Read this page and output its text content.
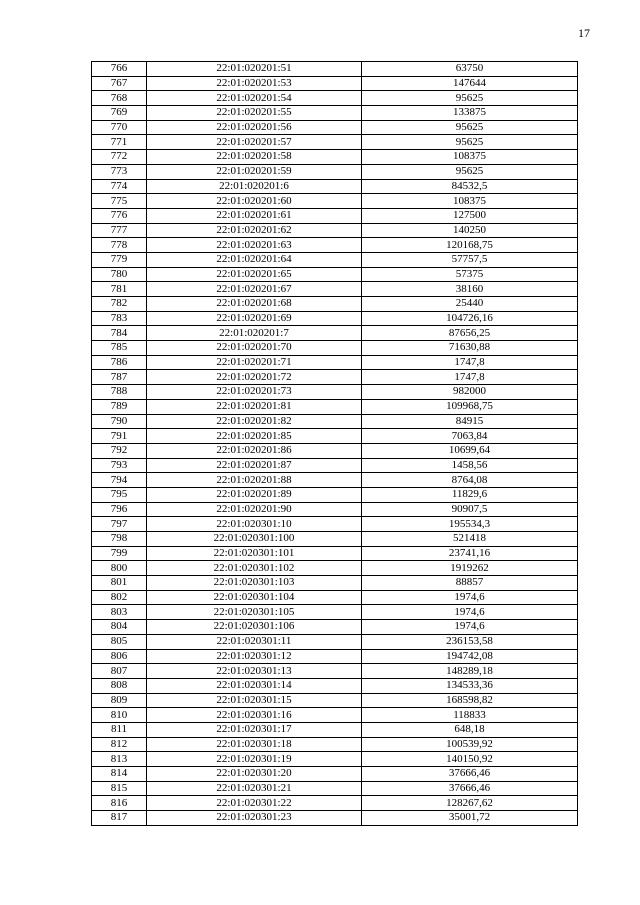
17
766	22:01:020201:51	63750
767	22:01:020201:53	147644
768	22:01:020201:54	95625
769	22:01:020201:55	133875
770	22:01:020201:56	95625
771	22:01:020201:57	95625
772	22:01:020201:58	108375
773	22:01:020201:59	95625
774	22:01:020201:6	84532,5
775	22:01:020201:60	108375
776	22:01:020201:61	127500
777	22:01:020201:62	140250
778	22:01:020201:63	120168,75
779	22:01:020201:64	57757,5
780	22:01:020201:65	57375
781	22:01:020201:67	38160
782	22:01:020201:68	25440
783	22:01:020201:69	104726,16
784	22:01:020201:7	87656,25
785	22:01:020201:70	71630,88
786	22:01:020201:71	1747,8
787	22:01:020201:72	1747,8
788	22:01:020201:73	982000
789	22:01:020201:81	109968,75
790	22:01:020201:82	84915
791	22:01:020201:85	7063,84
792	22:01:020201:86	10699,64
793	22:01:020201:87	1458,56
794	22:01:020201:88	8764,08
795	22:01:020201:89	11829,6
796	22:01:020201:90	90907,5
797	22:01:020301:10	195534,3
798	22:01:020301:100	521418
799	22:01:020301:101	23741,16
800	22:01:020301:102	1919262
801	22:01:020301:103	88857
802	22:01:020301:104	1974,6
803	22:01:020301:105	1974,6
804	22:01:020301:106	1974,6
805	22:01:020301:11	236153,58
806	22:01:020301:12	194742,08
807	22:01:020301:13	148289,18
808	22:01:020301:14	134533,36
809	22:01:020301:15	168598,82
810	22:01:020301:16	118833
811	22:01:020301:17	648,18
812	22:01:020301:18	100539,92
813	22:01:020301:19	140150,92
814	22:01:020301:20	37666,46
815	22:01:020301:21	37666,46
816	22:01:020301:22	128267,62
817	22:01:020301:23	35001,72
